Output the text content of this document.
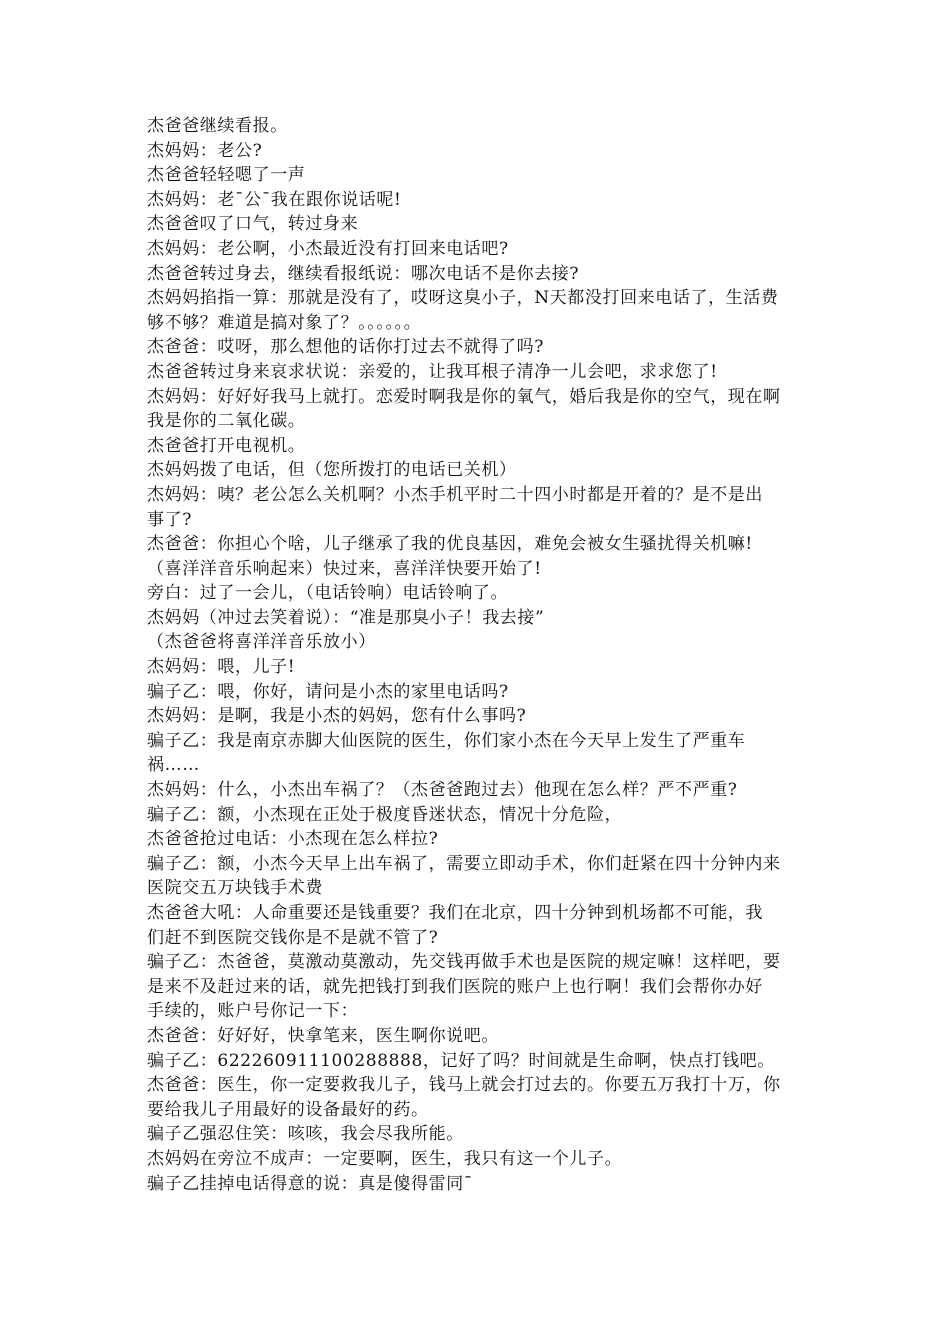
杰爸爸继续看报。
杰妈妈：老公?
杰爸爸轻轻嗯了一声
杰妈妈：老¯公¯我在跟你说话呢!
杰爸爸叹了口气，转过身来
杰妈妈：老公啊，小杰最近没有打回来电话吧?
杰爸爸转过身去，继续看报纸说：哪次电话不是你去接?
杰妈妈掐指一算：那就是没有了，哎呀这臭小子，N天都没打回来电话了，生活费
够不够？难道是搞对象了？。。。。。。
杰爸爸：哎呀，那么想他的话你打过去不就得了吗?
杰爸爸转过身来哀求状说：亲爱的，让我耳根子清净一儿会吧，求求您了!
杰妈妈：好好好我马上就打。恋爱时啊我是你的氧气，婚后我是你的空气，现在啊
我是你的二氧化碳。
杰爸爸打开电视机。
杰妈妈拨了电话，但（您所拨打的电话已关机）
杰妈妈：咦？老公怎么关机啊？小杰手机平时二十四小时都是开着的？是不是出
事了?
杰爸爸：你担心个啥，儿子继承了我的优良基因，难免会被女生骚扰得关机嘛!
（喜洋洋音乐响起来）快过来，喜洋洋快要开始了!
旁白：过了一会儿，（电话铃响）电话铃响了。
杰妈妈（冲过去笑着说）：“准是那臭小子！我去接”
（杰爸爸将喜洋洋音乐放小）
杰妈妈：喂，儿子!
骗子乙：喂，你好，请问是小杰的家里电话吗?
杰妈妈：是啊，我是小杰的妈妈，您有什么事吗?
骗子乙：我是南京赤脚大仙医院的医生，你们家小杰在今天早上发生了严重车
祸……
杰妈妈：什么，小杰出车祸了？（杰爸爸跑过去）他现在怎么样？严不严重?
骗子乙：额，小杰现在正处于极度昏迷状态，情况十分危险，
杰爸爸抢过电话：小杰现在怎么样拉?
骗子乙：额，小杰今天早上出车祸了，需要立即动手术，你们赶紧在四十分钟内来
医院交五万块钱手术费
杰爸爸大吼：人命重要还是钱重要？我们在北京，四十分钟到机场都不可能，我
们赶不到医院交钱你是不是就不管了?
骗子乙：杰爸爸，莫激动莫激动，先交钱再做手术也是医院的规定嘛！这样吧，要
是来不及赶过来的话，就先把钱打到我们医院的账户上也行啊！我们会帮你办好
手续的，账户号你记一下：
杰爸爸：好好好，快拿笔来，医生啊你说吧。
骗子乙：622260911100288888，记好了吗？时间就是生命啊，快点打钱吧。
杰爸爸：医生，你一定要救我儿子，钱马上就会打过去的。你要五万我打十万，你
要给我儿子用最好的设备最好的药。
骗子乙强忍住笑：咳咳，我会尽我所能。
杰妈妈在旁泣不成声：一定要啊，医生，我只有这一个儿子。
骗子乙挂掉电话得意的说：真是傻得雷同¯
